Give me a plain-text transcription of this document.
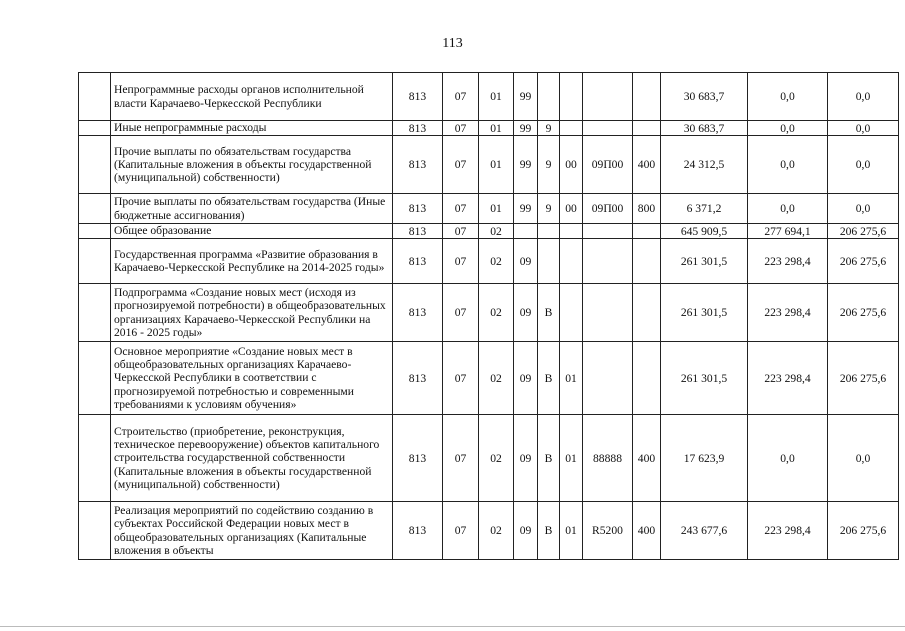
113
	Непрограммные расходы органов исполнительной власти Карачаево-Черкесской Республики	813	07	01	99					30 683,7	0,0	0,0
	Иные непрограммные расходы	813	07	01	99	9				30 683,7	0,0	0,0
	Прочие выплаты по обязательствам государства (Капитальные вложения в объекты государственной (муниципальной) собственности)	813	07	01	99	9	00	09П00	400	24 312,5	0,0	0,0
	Прочие выплаты по обязательствам государства (Иные бюджетные ассигнования)	813	07	01	99	9	00	09П00	800	6 371,2	0,0	0,0
	Общее образование	813	07	02						645 909,5	277 694,1	206 275,6
	Государственная программа «Развитие образования в Карачаево-Черкесской Республике на 2014-2025 годы»	813	07	02	09					261 301,5	223 298,4	206 275,6
	Подпрограмма «Создание новых мест (исходя из прогнозируемой потребности) в общеобразовательных организациях Карачаево-Черкесской Республики на 2016 - 2025 годы»	813	07	02	09	В				261 301,5	223 298,4	206 275,6
	Основное мероприятие «Создание новых мест в общеобразовательных организациях Карачаево-Черкесской Республики в соответствии с прогнозируемой потребностью и современными требованиями к условиям обучения»	813	07	02	09	В	01			261 301,5	223 298,4	206 275,6
	Строительство (приобретение, реконструкция, техническое перевооружение) объектов капитального строительства государственной собственности (Капитальные вложения в объекты государственной (муниципальной) собственности)	813	07	02	09	В	01	88888	400	17 623,9	0,0	0,0
	Реализация мероприятий по содействию созданию в субъектах Российской Федерации новых мест в общеобразовательных организациях (Капитальные вложения в объекты	813	07	02	09	В	01	R5200	400	243 677,6	223 298,4	206 275,6
